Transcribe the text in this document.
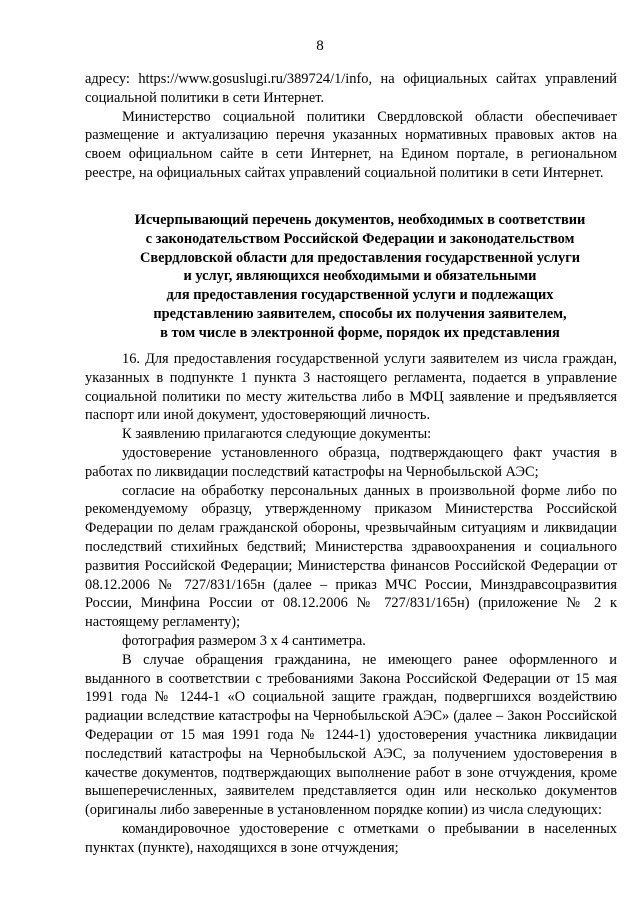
8

адресу: https://www.gosuslugi.ru/389724/1/info, на официальных сайтах управлений социальной политики в сети Интернет.

Министерство социальной политики Свердловской области обеспечивает размещение и актуализацию перечня указанных нормативных правовых актов на своем официальном сайте в сети Интернет, на Едином портале, в региональном реестре, на официальных сайтах управлений социальной политики в сети Интернет.

Исчерпывающий перечень документов, необходимых в соответствии
с законодательством Российской Федерации и законодательством
Свердловской области для предоставления государственной услуги
и услуг, являющихся необходимыми и обязательными
для предоставления государственной услуги и подлежащих
представлению заявителем, способы их получения заявителем,
в том числе в электронной форме, порядок их представления

16. Для предоставления государственной услуги заявителем из числа граждан, указанных в подпункте 1 пункта 3 настоящего регламента, подается в управление социальной политики по месту жительства либо в МФЦ заявление и предъявляется паспорт или иной документ, удостоверяющий личность.

К заявлению прилагаются следующие документы:

удостоверение установленного образца, подтверждающего факт участия в работах по ликвидации последствий катастрофы на Чернобыльской АЭС;

согласие на обработку персональных данных в произвольной форме либо по рекомендуемому образцу, утвержденному приказом Министерства Российской Федерации по делам гражданской обороны, чрезвычайным ситуациям и ликвидации последствий стихийных бедствий; Министерства здравоохранения и социального развития Российской Федерации; Министерства финансов Российской Федерации от 08.12.2006 № 727/831/165н (далее – приказ МЧС России, Минздравсоцразвития России, Минфина России от 08.12.2006 № 727/831/165н) (приложение № 2 к настоящему регламенту);

фотография размером 3 х 4 сантиметра.

В случае обращения гражданина, не имеющего ранее оформленного и выданного в соответствии с требованиями Закона Российской Федерации от 15 мая 1991 года № 1244-1 «О социальной защите граждан, подвергшихся воздействию радиации вследствие катастрофы на Чернобыльской АЭС» (далее – Закон Российской Федерации от 15 мая 1991 года № 1244-1) удостоверения участника ликвидации последствий катастрофы на Чернобыльской АЭС, за получением удостоверения в качестве документов, подтверждающих выполнение работ в зоне отчуждения, кроме вышеперечисленных, заявителем представляется один или несколько документов (оригиналы либо заверенные в установленном порядке копии) из числа следующих:

командировочное удостоверение с отметками о пребывании в населенных пунктах (пункте), находящихся в зоне отчуждения;
